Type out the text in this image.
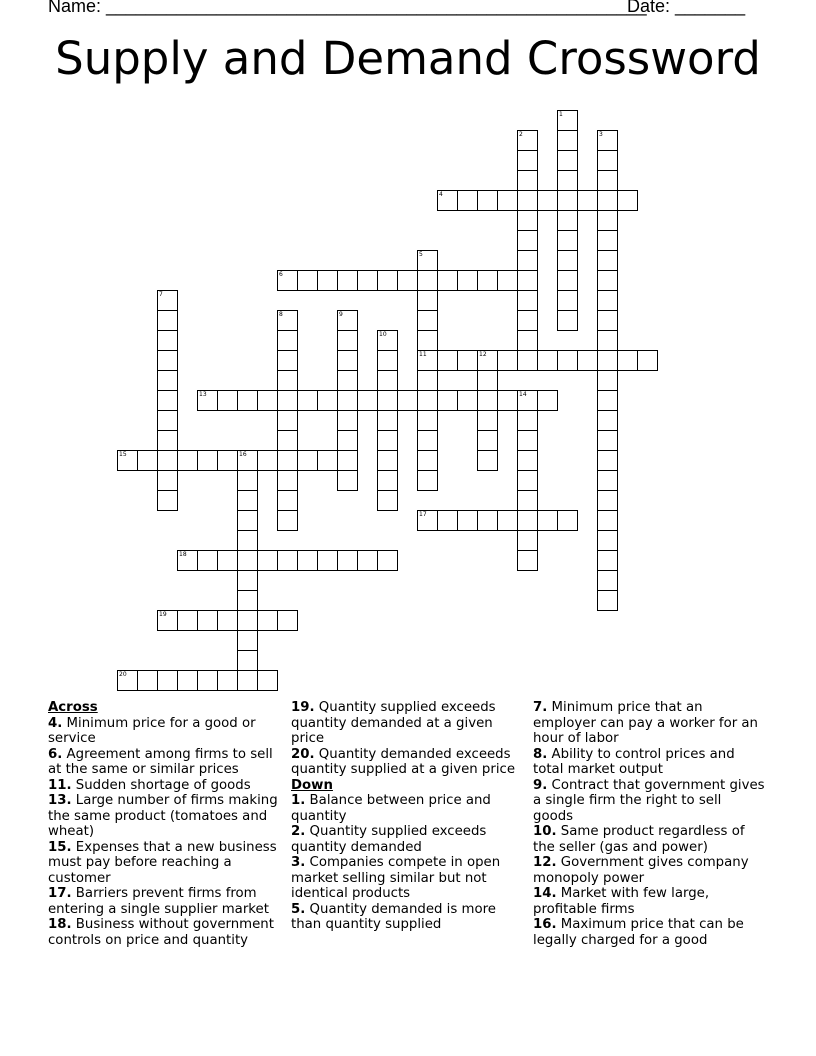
Name: ______________________________________________________
Date: _______
Supply and Demand Crossword
1
2	3
4
5
11
6
7
8	9
10
12
13	14
15	16
17
18
19
20
Across
4. Minimum price for a good or service
6. Agreement among firms to sell at the same or similar prices
11. Sudden shortage of goods
13. Large number of firms making the same product (tomatoes and wheat)
15. Expenses that a new business must pay before reaching a customer
17. Barriers prevent firms from entering a single supplier market
18. Business without government controls on price and quantity
19. Quantity supplied exceeds quantity demanded at a given price
20. Quantity demanded exceeds quantity supplied at a given price
Down
1. Balance between price and quantity
2. Quantity supplied exceeds quantity demanded
3. Companies compete in open market selling similar but not identical products
5. Quantity demanded is more than quantity supplied
7. Minimum price that an employer can pay a worker for an hour of labor
8. Ability to control prices and total market output
9. Contract that government gives a single firm the right to sell goods
10. Same product regardless of the seller (gas and power)
12. Government gives company monopoly power
14. Market with few large, profitable firms
16. Maximum price that can be legally charged for a good
